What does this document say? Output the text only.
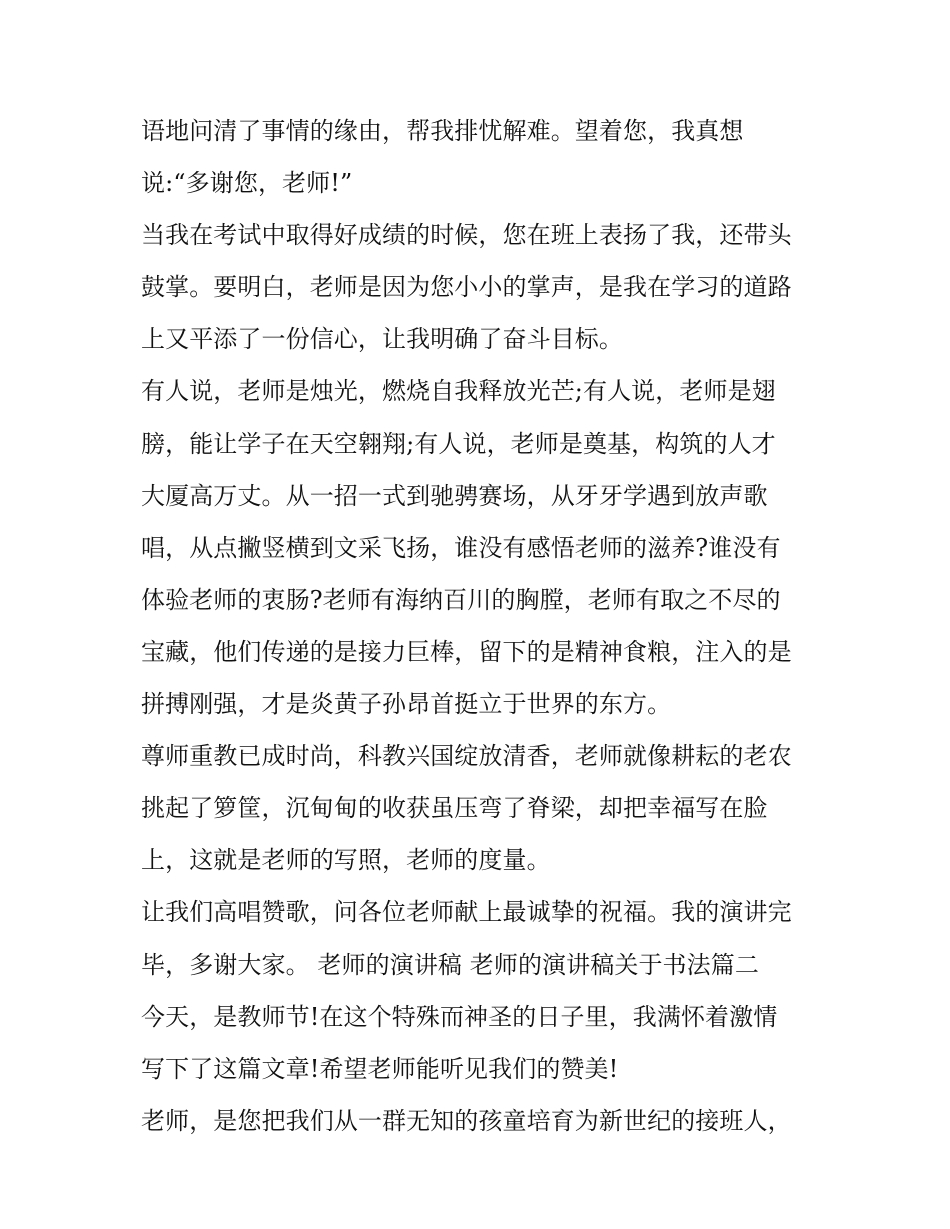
语地问清了事情的缘由，帮我排忧解难。望着您，我真想
说:“多谢您，老师!”
当我在考试中取得好成绩的时候，您在班上表扬了我，还带头
鼓掌。要明白，老师是因为您小小的掌声，是我在学习的道路
上又平添了一份信心，让我明确了奋斗目标。
有人说，老师是烛光，燃烧自我释放光芒;有人说，老师是翅
膀，能让学子在天空翱翔;有人说，老师是奠基，构筑的人才
大厦高万丈。从一招一式到驰骋赛场，从牙牙学遇到放声歌
唱，从点撇竖横到文采飞扬，谁没有感悟老师的滋养?谁没有
体验老师的衷肠?老师有海纳百川的胸膛，老师有取之不尽的
宝藏，他们传递的是接力巨棒，留下的是精神食粮，注入的是
拼搏刚强，才是炎黄子孙昂首挺立于世界的东方。
尊师重教已成时尚，科教兴国绽放清香，老师就像耕耘的老农
挑起了箩筐，沉甸甸的收获虽压弯了脊梁，却把幸福写在脸
上，这就是老师的写照，老师的度量。
让我们高唱赞歌，问各位老师献上最诚挚的祝福。我的演讲完
毕，多谢大家。 老师的演讲稿 老师的演讲稿关于书法篇二
今天，是教师节!在这个特殊而神圣的日子里，我满怀着激情
写下了这篇文章!希望老师能听见我们的赞美!
老师，是您把我们从一群无知的孩童培育为新世纪的接班人，
